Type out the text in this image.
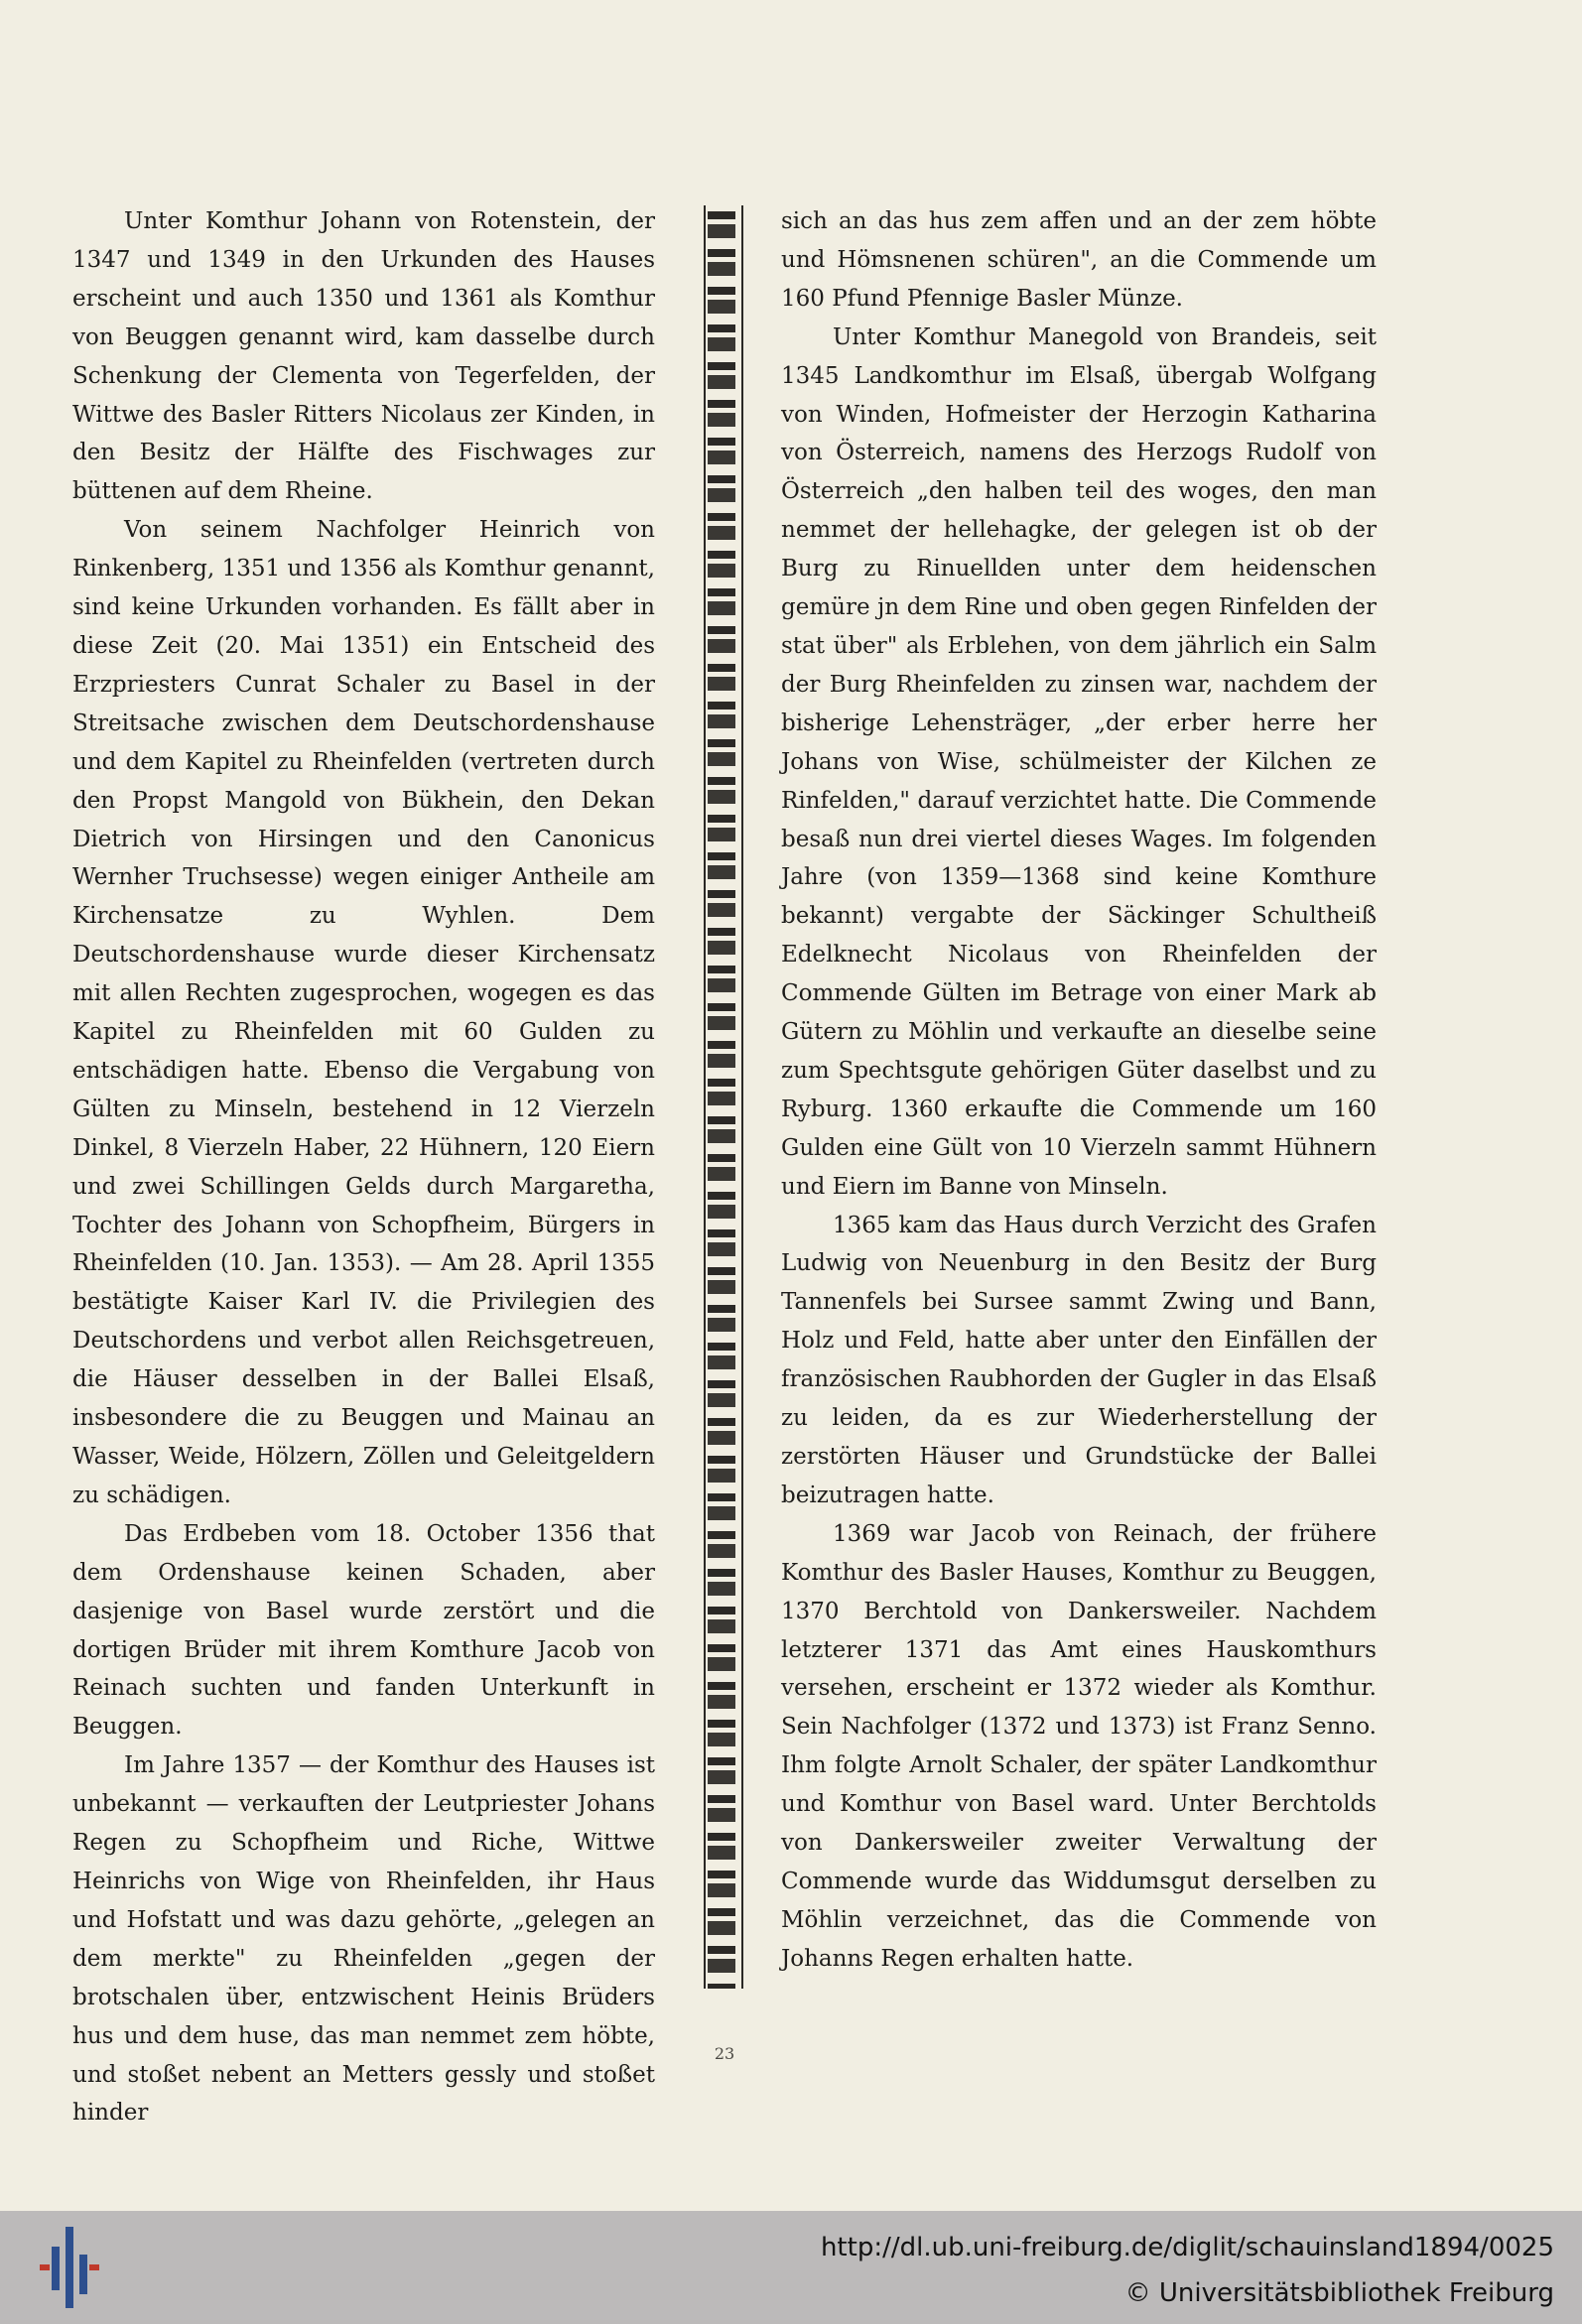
Unter Komthur Johann von Rotenstein, der 1347 und 1349 in den Urkunden des Hauses erscheint und auch 1350 und 1361 als Komthur von Beuggen genannt wird, kam dasselbe durch Schenkung der Clementa von Tegerfelden, der Wittwe des Basler Ritters Nicolaus zer Kinden, in den Besitz der Hälfte des Fischwages zur büttenen auf dem Rheine.

Von seinem Nachfolger Heinrich von Rinkenberg, 1351 und 1356 als Komthur genannt, sind keine Urkunden vorhanden. Es fällt aber in diese Zeit (20. Mai 1351) ein Entscheid des Erzpriesters Cunrat Schaler zu Basel in der Streitsache zwischen dem Deutschordenshause und dem Kapitel zu Rheinfelden (vertreten durch den Propst Mangold von Bükhein, den Dekan Dietrich von Hirsingen und den Canonicus Wernher Truchsesse) wegen einiger Antheile am Kirchensatze zu Wyhlen. Dem Deutschordenshause wurde dieser Kirchensatz mit allen Rechten zugesprochen, wogegen es das Kapitel zu Rheinfelden mit 60 Gulden zu entschädigen hatte. Ebenso die Vergabung von Gülten zu Minseln, bestehend in 12 Vierzeln Dinkel, 8 Vierzeln Haber, 22 Hühnern, 120 Eiern und zwei Schillingen Gelds durch Margaretha, Tochter des Johann von Schopfheim, Bürgers in Rheinfelden (10. Jan. 1353). — Am 28. April 1355 bestätigte Kaiser Karl IV. die Privilegien des Deutschordens und verbot allen Reichsgetreuen, die Häuser desselben in der Ballei Elsaß, insbesondere die zu Beuggen und Mainau an Wasser, Weide, Hölzern, Zöllen und Geleitgeldern zu schädigen.

Das Erdbeben vom 18. October 1356 that dem Ordenshause keinen Schaden, aber dasjenige von Basel wurde zerstört und die dortigen Brüder mit ihrem Komthure Jacob von Reinach suchten und fanden Unterkunft in Beuggen.

Im Jahre 1357 — der Komthur des Hauses ist unbekannt — verkauften der Leutpriester Johans Regen zu Schopfheim und Riche, Wittwe Heinrichs von Wige von Rheinfelden, ihr Haus und Hofstatt und was dazu gehörte, „gelegen an dem merkte" zu Rheinfelden „gegen der brotschalen über, entzwischent Heinis Brüders hus und dem huse, das man nemmet zem höbte, und stoßet nebent an Metters gessly und stoßet hinder

sich an das hus zem affen und an der zem höbte und Hömsnenen schüren", an die Commende um 160 Pfund Pfennige Basler Münze.

Unter Komthur Manegold von Brandeis, seit 1345 Landkomthur im Elsaß, übergab Wolfgang von Winden, Hofmeister der Herzogin Katharina von Österreich, namens des Herzogs Rudolf von Österreich „den halben teil des woges, den man nemmet der hellehagke, der gelegen ist ob der Burg zu Rinuellden unter dem heidenschen gemüre jn dem Rine und oben gegen Rinfelden der stat über" als Erblehen, von dem jährlich ein Salm der Burg Rheinfelden zu zinsen war, nachdem der bisherige Lehensträger, „der erber herre her Johans von Wise, schülmeister der Kilchen ze Rinfelden," darauf verzichtet hatte. Die Commende besaß nun drei viertel dieses Wages. Im folgenden Jahre (von 1359—1368 sind keine Komthure bekannt) vergabte der Säckinger Schultheiß Edelknecht Nicolaus von Rheinfelden der Commende Gülten im Betrage von einer Mark ab Gütern zu Möhlin und verkaufte an dieselbe seine zum Spechtsgute gehörigen Güter daselbst und zu Ryburg. 1360 erkaufte die Commende um 160 Gulden eine Gült von 10 Vierzeln sammt Hühnern und Eiern im Banne von Minseln.

1365 kam das Haus durch Verzicht des Grafen Ludwig von Neuenburg in den Besitz der Burg Tannenfels bei Sursee sammt Zwing und Bann, Holz und Feld, hatte aber unter den Einfällen der französischen Raubhorden der Gugler in das Elsaß zu leiden, da es zur Wiederherstellung der zerstörten Häuser und Grundstücke der Ballei beizutragen hatte.

1369 war Jacob von Reinach, der frühere Komthur des Basler Hauses, Komthur zu Beuggen, 1370 Berchtold von Dankersweiler. Nachdem letzterer 1371 das Amt eines Hauskomthurs versehen, erscheint er 1372 wieder als Komthur. Sein Nachfolger (1372 und 1373) ist Franz Senno. Ihm folgte Arnolt Schaler, der später Landkomthur und Komthur von Basel ward. Unter Berchtolds von Dankersweiler zweiter Verwaltung der Commende wurde das Widdumsgut derselben zu Möhlin verzeichnet, das die Commende von Johanns Regen erhalten hatte.

23
http://dl.ub.uni-freiburg.de/diglit/schauinsland1894/0025
© Universitätsbibliothek Freiburg
